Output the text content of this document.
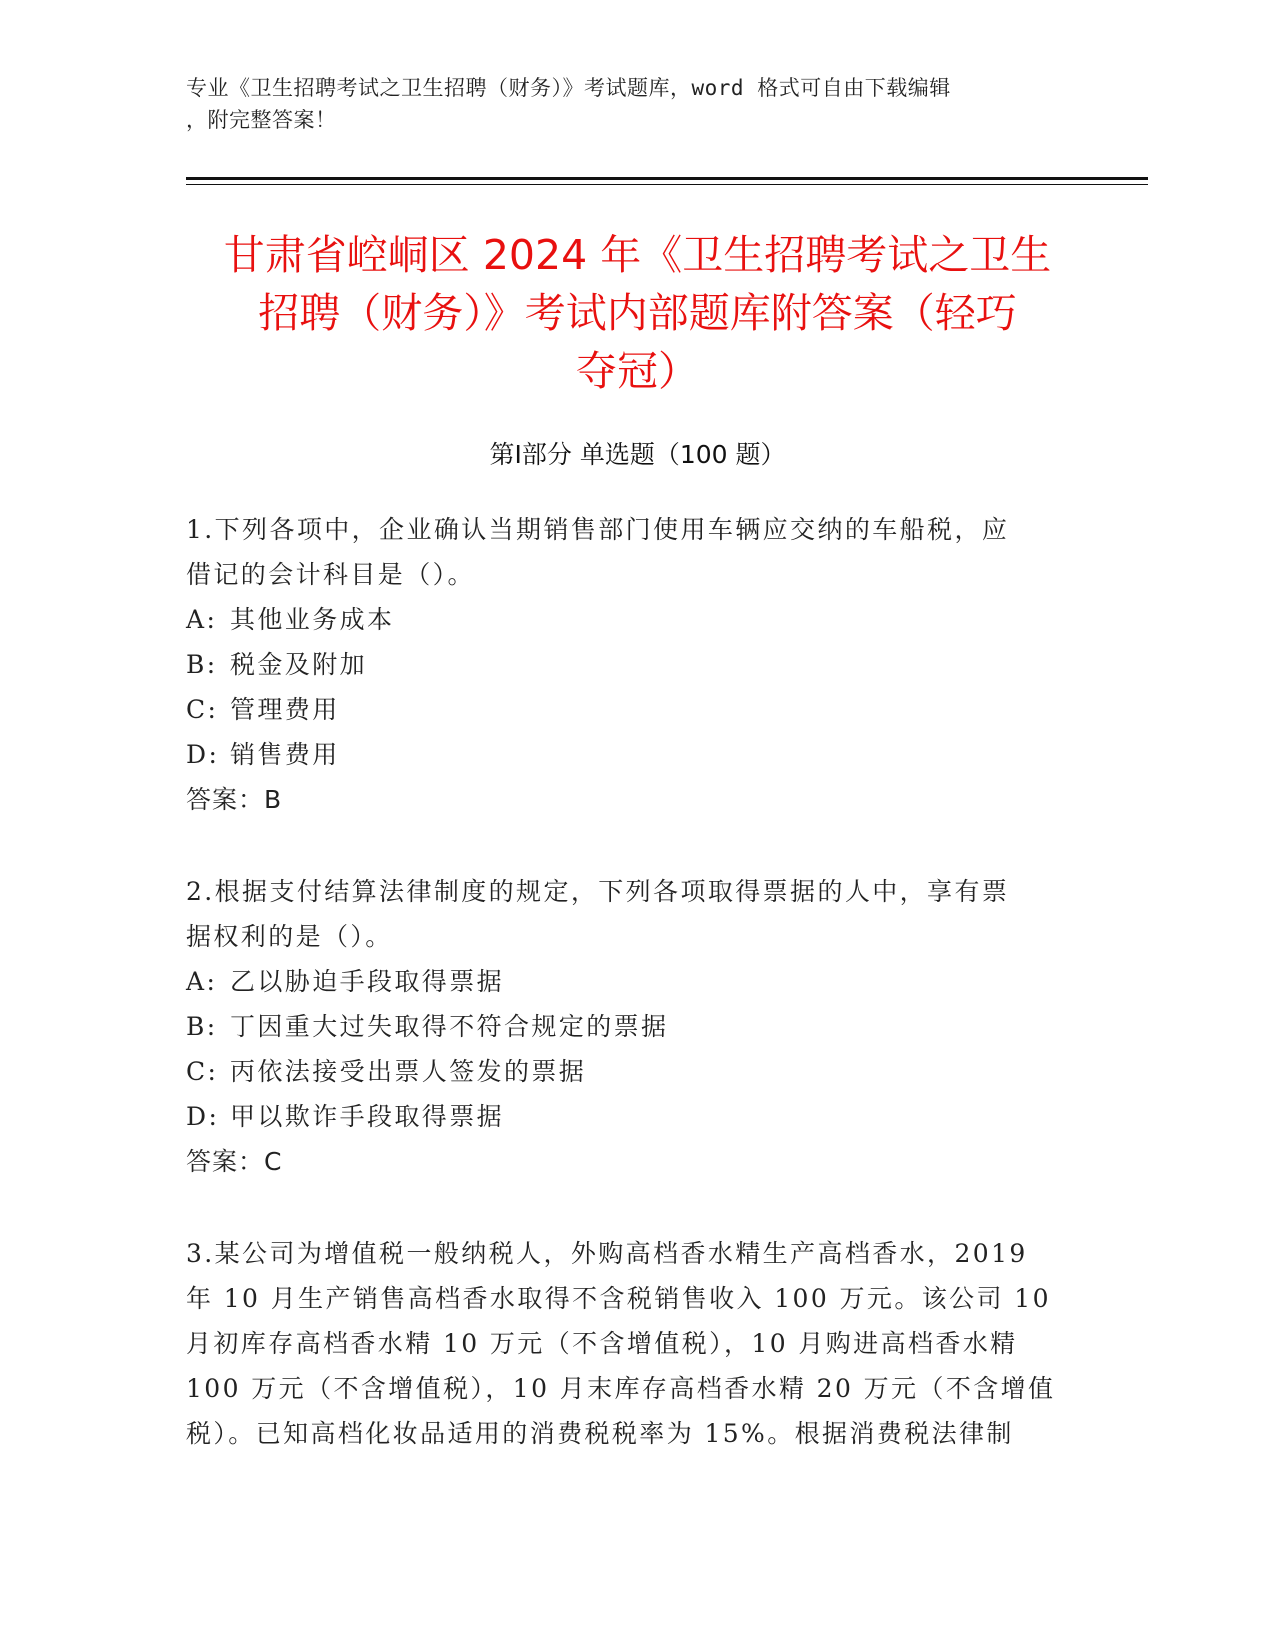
专业《卫生招聘考试之卫生招聘（财务）》考试题库，word 格式可自由下载编辑
，附完整答案！
甘肃省崆峒区 2024 年《卫生招聘考试之卫生
招聘（财务）》考试内部题库附答案（轻巧
夺冠）
第Ⅰ部分 单选题（100 题）
1.下列各项中，企业确认当期销售部门使用车辆应交纳的车船税，应
借记的会计科目是（）。
A: 其他业务成本
B: 税金及附加
C: 管理费用
D: 销售费用
答案：B
2.根据支付结算法律制度的规定，下列各项取得票据的人中，享有票
据权利的是（）。
A: 乙以胁迫手段取得票据
B: 丁因重大过失取得不符合规定的票据
C: 丙依法接受出票人签发的票据
D: 甲以欺诈手段取得票据
答案：C
3.某公司为增值税一般纳税人，外购高档香水精生产高档香水，2019
年 10 月生产销售高档香水取得不含税销售收入 100 万元。该公司 10
月初库存高档香水精 10 万元（不含增值税），10 月购进高档香水精
100 万元（不含增值税），10 月末库存高档香水精 20 万元（不含增值
税）。已知高档化妆品适用的消费税税率为 15%。根据消费税法律制
